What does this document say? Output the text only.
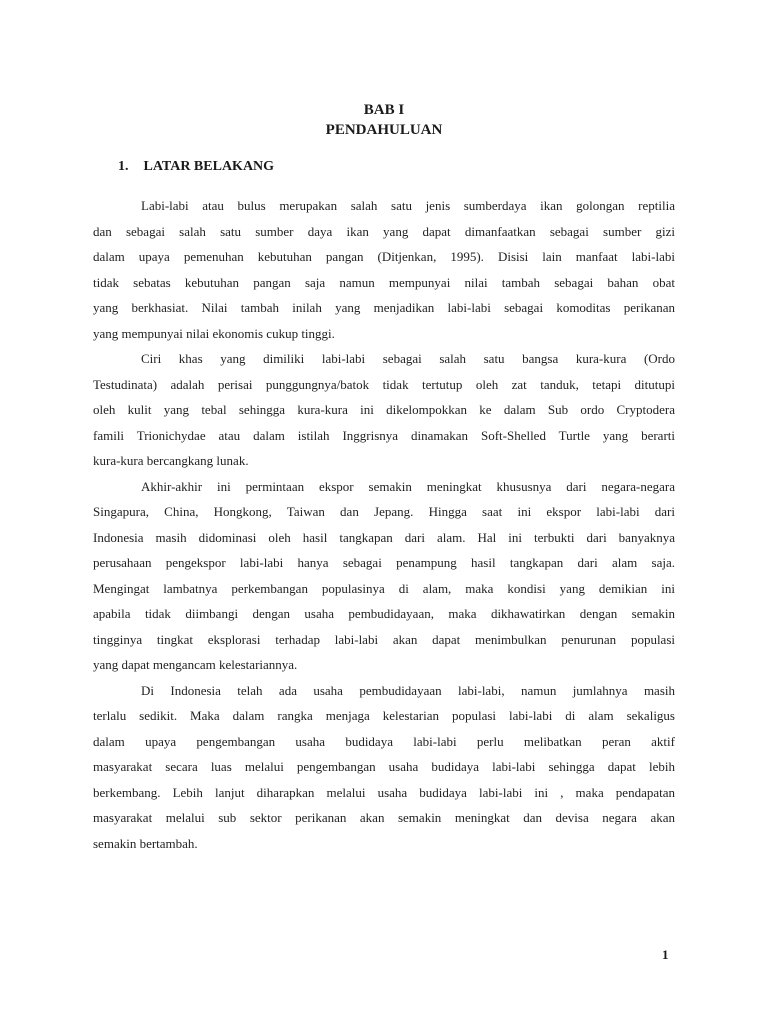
BAB I
PENDAHULUAN
1. LATAR BELAKANG
Labi-labi atau bulus merupakan salah satu jenis sumberdaya ikan golongan reptilia
dan sebagai salah satu sumber daya ikan yang dapat dimanfaatkan sebagai sumber gizi
dalam upaya pemenuhan kebutuhan pangan (Ditjenkan, 1995). Disisi lain manfaat labi-labi
tidak sebatas kebutuhan pangan saja namun mempunyai nilai tambah sebagai bahan obat
yang berkhasiat. Nilai tambah inilah yang menjadikan labi-labi sebagai komoditas perikanan
yang mempunyai nilai ekonomis cukup tinggi.
Ciri khas yang dimiliki labi-labi sebagai salah satu bangsa kura-kura (Ordo
Testudinata) adalah perisai punggungnya/batok tidak tertutup oleh zat tanduk, tetapi ditutupi
oleh kulit yang tebal sehingga kura-kura ini dikelompokkan ke dalam Sub ordo Cryptodera
famili Trionichydae atau dalam istilah Inggrisnya dinamakan Soft-Shelled Turtle yang berarti
kura-kura bercangkang lunak.
Akhir-akhir ini permintaan ekspor semakin meningkat khususnya dari negara-negara
Singapura, China, Hongkong, Taiwan dan Jepang. Hingga saat ini ekspor labi-labi dari
Indonesia masih didominasi oleh hasil tangkapan dari alam. Hal ini terbukti dari banyaknya
perusahaan pengekspor labi-labi hanya sebagai penampung hasil tangkapan dari alam saja.
Mengingat lambatnya perkembangan populasinya di alam, maka kondisi yang demikian ini
apabila tidak diimbangi dengan usaha pembudidayaan, maka dikhawatirkan dengan semakin
tingginya tingkat eksplorasi terhadap labi-labi akan dapat menimbulkan penurunan populasi
yang dapat mengancam kelestariannya.
Di Indonesia telah ada usaha pembudidayaan labi-labi, namun jumlahnya masih
terlalu sedikit. Maka dalam rangka menjaga kelestarian populasi labi-labi di alam sekaligus
dalam upaya pengembangan usaha budidaya labi-labi perlu melibatkan peran aktif
masyarakat secara luas melalui pengembangan usaha budidaya labi-labi sehingga dapat lebih
berkembang. Lebih lanjut diharapkan melalui usaha budidaya labi-labi ini , maka pendapatan
masyarakat melalui sub sektor perikanan akan semakin meningkat dan devisa negara akan
semakin bertambah.
1
